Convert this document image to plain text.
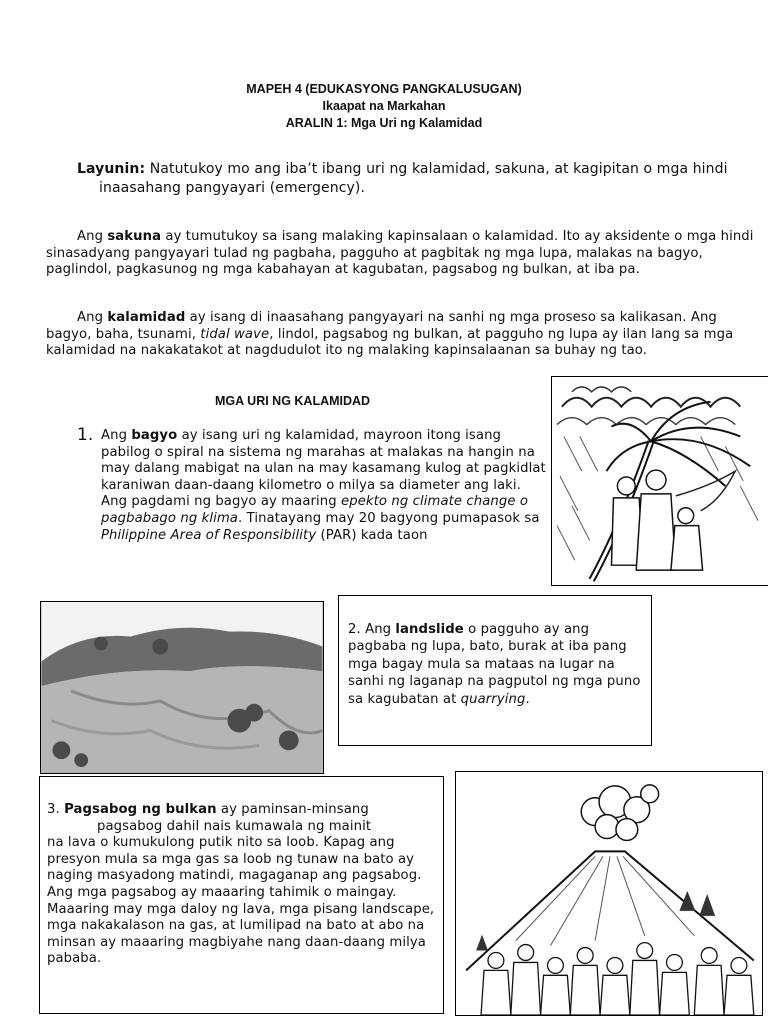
MAPEH 4 (EDUKASYONG PANGKALUSUGAN)
Ikaapat na Markahan
ARALIN 1: Mga Uri ng Kalamidad
Layunin: Natutukoy mo ang iba’t ibang uri ng kalamidad, sakuna, at kagipitan o mga hindi
inaasahang pangyayari (emergency).
Ang sakuna ay tumutukoy sa isang malaking kapinsalaan o kalamidad. Ito ay aksidente o mga hindi sinasadyang pangyayari tulad ng pagbaha, pagguho at pagbitak ng mga lupa, malakas na bagyo, paglindol, pagkasunog ng mga kabahayan at kagubatan, pagsabog ng bulkan, at iba pa.
Ang kalamidad ay isang di inaasahang pangyayari na sanhi ng mga proseso sa kalikasan. Ang bagyo, baha, tsunami, tidal wave, lindol, pagsabog ng bulkan, at pagguho ng lupa ay ilan lang sa mga kalamidad na nakakatakot at nagdudulot ito ng malaking kapinsalaanan sa buhay ng tao.
MGA URI NG KALAMIDAD
1. Ang bagyo ay isang uri ng kalamidad, mayroon itong isang pabilog o spiral na sistema ng marahas at malakas na hangin na may dalang mabigat na ulan na may kasamang kulog at pagkidlat karaniwan daan-daang kilometro o milya sa diameter ang laki. Ang pagdami ng bagyo ay maaring epekto ng climate change o pagbabago ng klima. Tinatayang may 20 bagyong pumapasok sa Philippine Area of Responsibility (PAR) kada taon
2. Ang landslide o pagguho ay ang pagbaba ng lupa, bato, burak at iba pang mga bagay mula sa mataas na lugar na sanhi ng laganap na pagputol ng mga puno sa kagubatan at quarrying.
3. Pagsabog ng bulkan ay paminsan-minsang
pagsabog dahil nais kumawala ng mainit
na lava o kumukulong putik nito sa loob. Kapag ang presyon mula sa mga gas sa loob ng tunaw na bato ay naging masyadong matindi, magaganap ang pagsabog. Ang mga pagsabog ay maaaring tahimik o maingay. Maaaring may mga daloy ng lava, mga pisang landscape, mga nakakalason na gas, at lumilipad na bato at abo na minsan ay maaaring magbiyahe nang daan-daang milya pababa.
